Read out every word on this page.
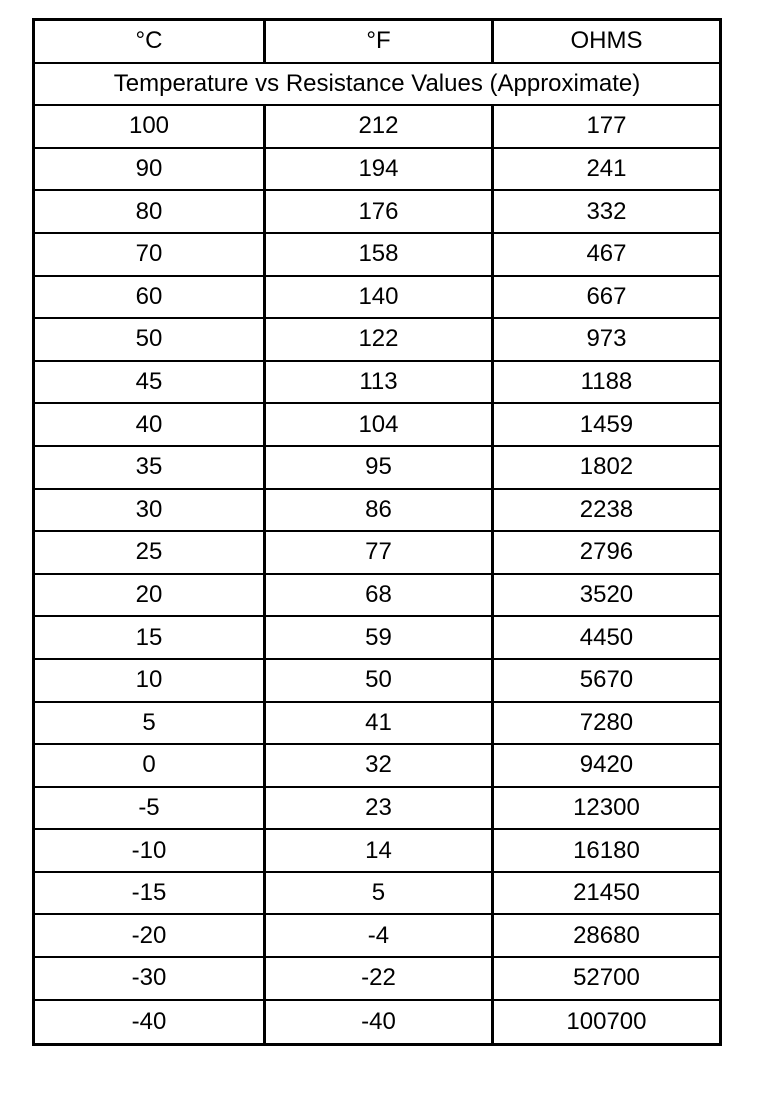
°C	°F	OHMS
Temperature vs Resistance Values (Approximate)
100	212	177
90	194	241
80	176	332
70	158	467
60	140	667
50	122	973
45	113	1188
40	104	1459
35	95	1802
30	86	2238
25	77	2796
20	68	3520
15	59	4450
10	50	5670
5	41	7280
0	32	9420
-5	23	12300
-10	14	16180
-15	5	21450
-20	-4	28680
-30	-22	52700
-40	-40	100700
